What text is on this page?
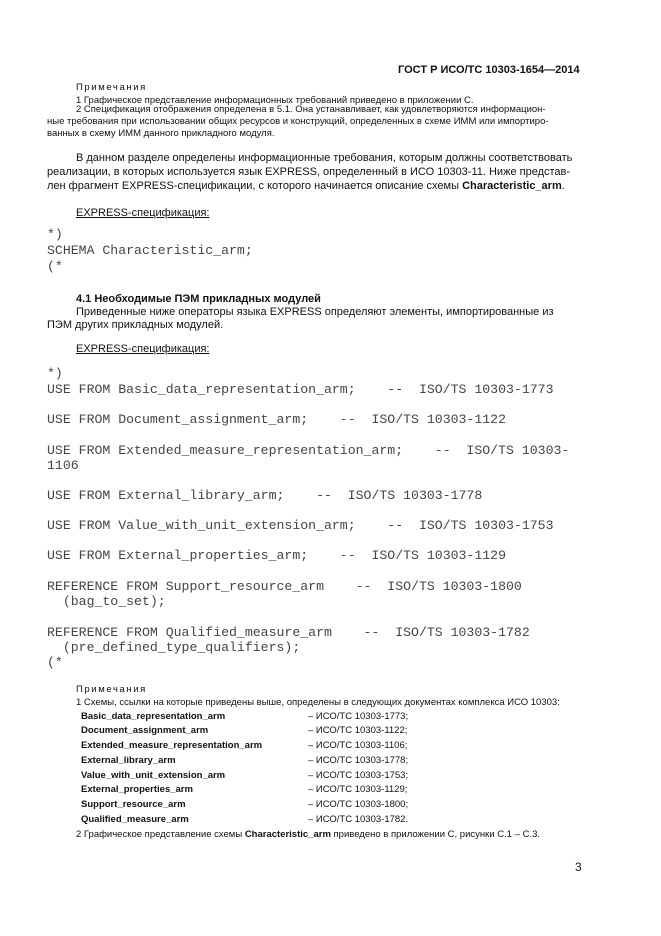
ГОСТ Р ИСО/ТС 10303-1654—2014
Примечания
1 Графическое представление информационных требований приведено в приложении С.
2 Спецификация отображения определена в 5.1. Она устанавливает, как удовлетворяются информацион-
ные требования при использовании общих ресурсов и конструкций, определенных в схеме ИММ или импортиро-
ванных в схему ИММ данного прикладного модуля.
В данном разделе определены информационные требования, которым должны соответствовать
реализации, в которых используется язык EXPRESS, определенный в ИСО 10303-11. Ниже представ-
лен фрагмент EXPRESS-спецификации, с которого начинается описание схемы Characteristic_arm.
EXPRESS-спецификация:
*)
SCHEMA Characteristic_arm;
(*
4.1 Необходимые ПЭМ прикладных модулей
Приведенные ниже операторы языка EXPRESS определяют элементы, импортированные из
ПЭМ других прикладных модулей.
EXPRESS-спецификация:
*)
USE FROM Basic_data_representation_arm;    --  ISO/TS 10303-1773
USE FROM Document_assignment_arm;    --  ISO/TS 10303-1122
USE FROM Extended_measure_representation_arm;    --  ISO/TS 10303-
1106
USE FROM External_library_arm;    --  ISO/TS 10303-1778
USE FROM Value_with_unit_extension_arm;    --  ISO/TS 10303-1753
USE FROM External_properties_arm;    --  ISO/TS 10303-1129
REFERENCE FROM Support_resource_arm    --  ISO/TS 10303-1800
(bag_to_set);
REFERENCE FROM Qualified_measure_arm    --  ISO/TS 10303-1782
(pre_defined_type_qualifiers);
(*
Примечания
1 Схемы, ссылки на которые приведены выше, определены в следующих документах комплекса ИСО 10303:
Basic_data_representation_arm	– ИСО/ТС 10303-1773;
Document_assignment_arm	– ИСО/ТС 10303-1122;
Extended_measure_representation_arm	– ИСО/ТС 10303-1106;
External_library_arm	– ИСО/ТС 10303-1778;
Value_with_unit_extension_arm	– ИСО/ТС 10303-1753;
External_properties_arm	– ИСО/ТС 10303-1129;
Support_resource_arm	– ИСО/ТС 10303-1800;
Qualified_measure_arm	– ИСО/ТС 10303-1782.
2 Графическое представление схемы Characteristic_arm приведено в приложении С, рисунки С.1 – С.3.
3
